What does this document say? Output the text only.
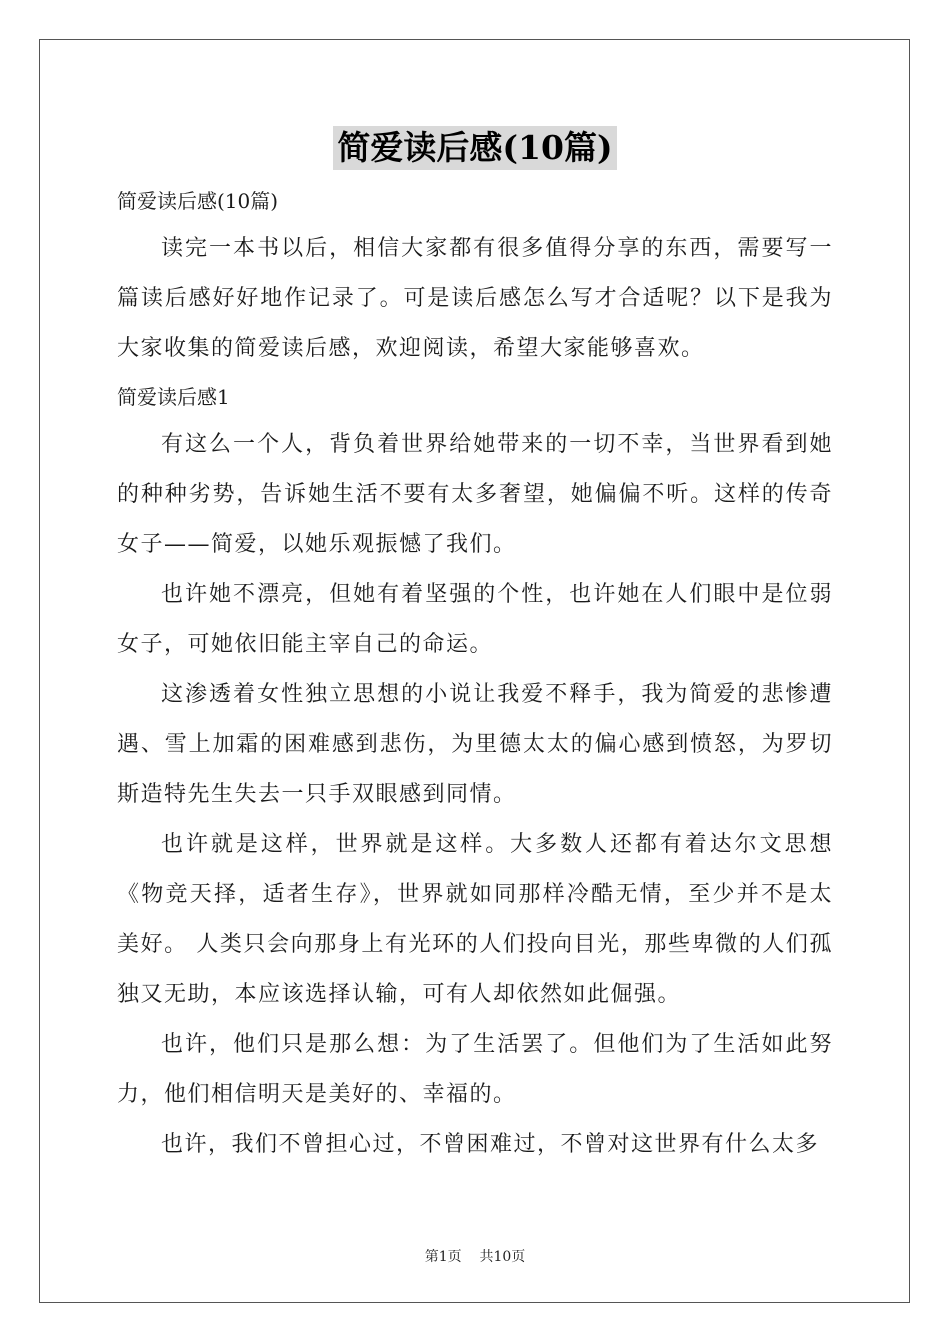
简爱读后感(10篇)

简爱读后感(10篇)

读完一本书以后，相信大家都有很多值得分享的东西，需要写一篇读后感好好地作记录了。可是读后感怎么写才合适呢？以下是我为大家收集的简爱读后感，欢迎阅读，希望大家能够喜欢。

简爱读后感1

有这么一个人，背负着世界给她带来的一切不幸，当世界看到她的种种劣势，告诉她生活不要有太多奢望，她偏偏不听。这样的传奇女子——简爱，以她乐观振憾了我们。

也许她不漂亮，但她有着坚强的个性，也许她在人们眼中是位弱女子，可她依旧能主宰自己的命运。

这渗透着女性独立思想的小说让我爱不释手，我为简爱的悲惨遭遇、雪上加霜的困难感到悲伤，为里德太太的偏心感到愤怒，为罗切斯造特先生失去一只手双眼感到同情。

也许就是这样，世界就是这样。大多数人还都有着达尔文思想《物竞天择，适者生存》，世界就如同那样冷酷无情，至少并不是太美好。 人类只会向那身上有光环的人们投向目光，那些卑微的人们孤独又无助，本应该选择认输，可有人却依然如此倔强。

也许，他们只是那么想：为了生活罢了。但他们为了生活如此努力，他们相信明天是美好的、幸福的。

也许，我们不曾担心过，不曾困难过，不曾对这世界有什么太多

第1页    共10页
